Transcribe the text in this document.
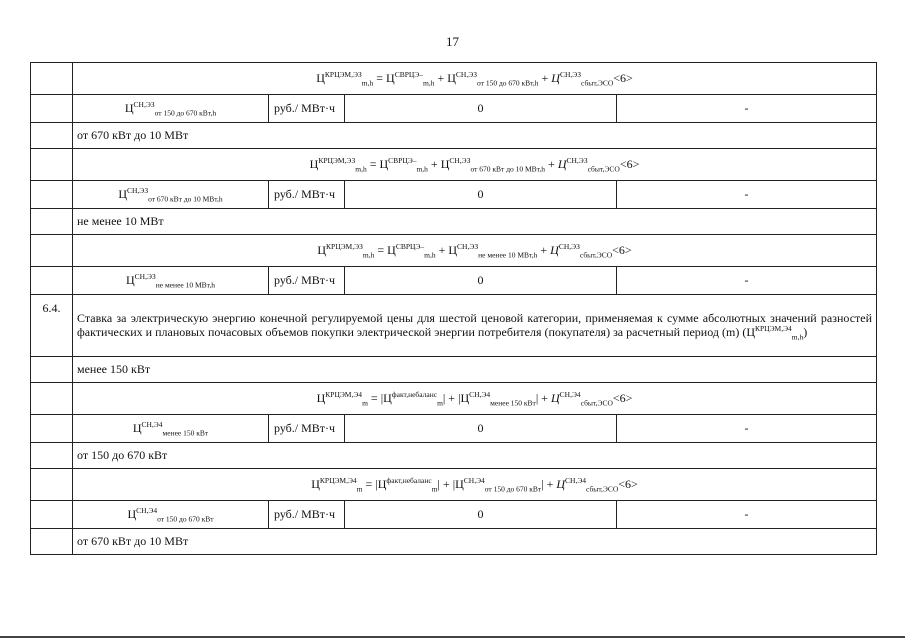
17
	$Ц^{КРЦЭМ,ЭЗ}_{m,h} = Ц^{СВРЦЭ-}_{m,h} + Ц^{СН,ЭЗ}_{от 150 до 670 кВт,h} + Ц^{СН,ЭЗ}_{сбыт,ЭСО}<6>$			
	$Ц^{СН,ЭЗ}_{от 150 до 670 кВт,h}$	руб./ МВт·ч	0	-
	от 670 кВт до 10 МВт			
	$Ц^{КРЦЭМ,ЭЗ}_{m,h} = Ц^{СВРЦЭ-}_{m,h} + Ц^{СН,ЭЗ}_{от 670 кВт до 10 МВт,h} + Ц^{СН,ЭЗ}_{сбыт,ЭСО}<6>$			
	$Ц^{СН,ЭЗ}_{от 670 кВт до 10 МВт,h}$	руб./ МВт·ч	0	-
	не менее 10 МВт			
	$Ц^{КРЦЭМ,ЭЗ}_{m,h} = Ц^{СВРЦЭ-}_{m,h} + Ц^{СН,ЭЗ}_{не менее 10 МВт,h} + Ц^{СН,ЭЗ}_{сбыт,ЭСО}<6>$			
	$Ц^{СН,ЭЗ}_{не менее 10 МВт,h}$	руб./ МВт·ч	0	-
6.4.	Ставка за электрическую энергию конечной регулируемой цены для шестой ценовой категории, применяемая к сумме абсолютных значений разностей фактических и плановых почасовых объемов покупки электрической энергии потребителя (покупателя) за расчетный период (m) $(Ц^{КРЦЭМ,Э4}_{m,h})$			
	менее 150 кВт			
	$Ц^{КРЦЭМ,Э4}_m = |Ц^{факт,небаланс}_m| + |Ц^{СН,Э4}_{менее 150 кВт}| + Ц^{СН,Э4}_{сбыт,ЭСО}<6>$			
	$Ц^{СН,Э4}_{менее 150 кВт}$	руб./ МВт·ч	0	-
	от 150 до 670 кВт			
	$Ц^{КРЦЭМ,Э4}_m = |Ц^{факт,небаланс}_m| + |Ц^{СН,Э4}_{от 150 до 670 кВт}| + Ц^{СН,Э4}_{сбыт,ЭСО}<6>$			
	$Ц^{СН,Э4}_{от 150 до 670 кВт}$	руб./ МВт·ч	0	-
	от 670 кВт до 10 МВт			
